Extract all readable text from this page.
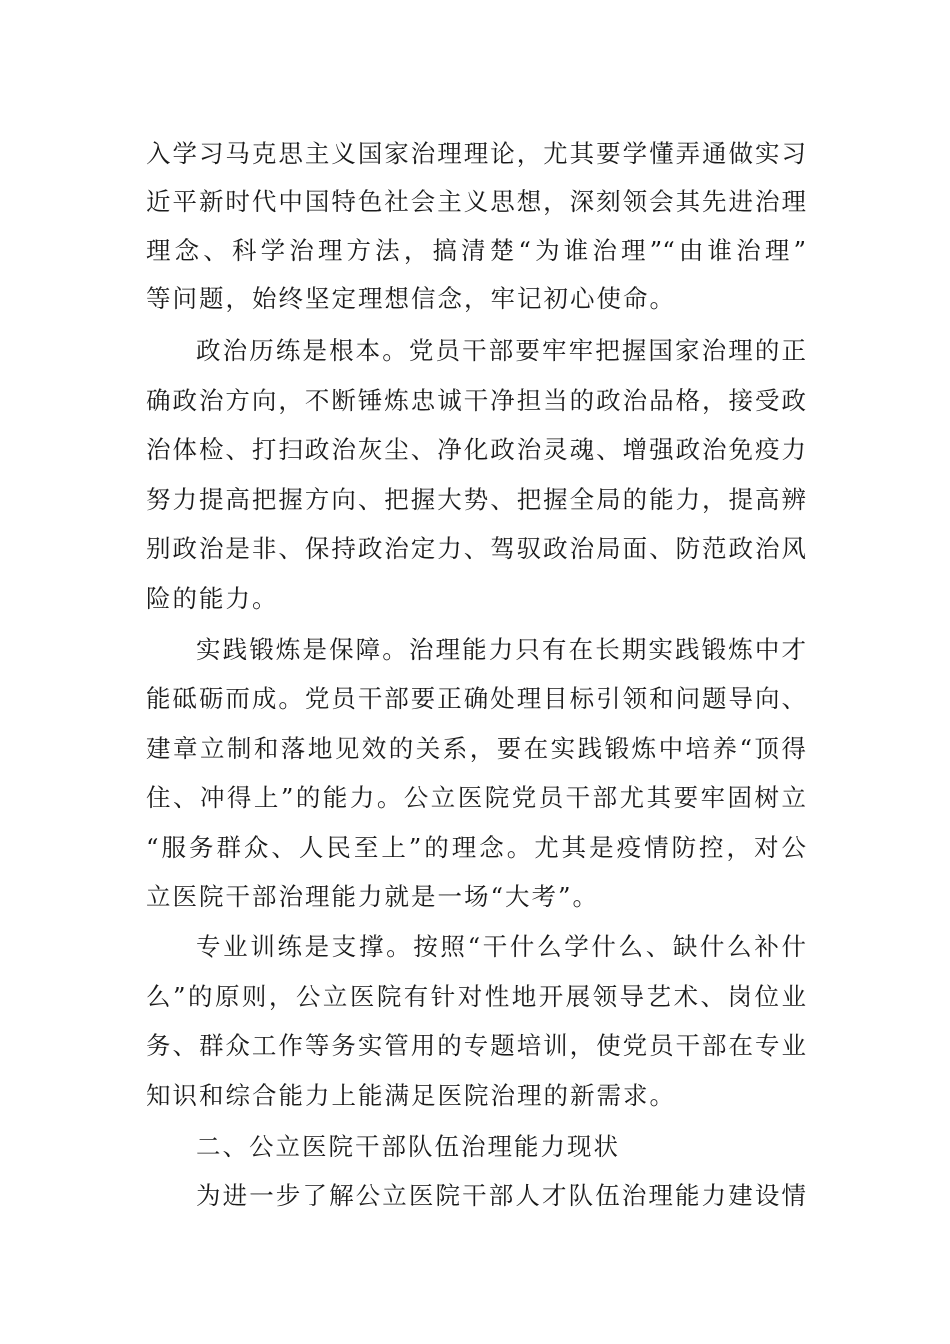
入学习马克思主义国家治理理论，尤其要学懂弄通做实习
近平新时代中国特色社会主义思想，深刻领会其先进治理
理念、科学治理方法，搞清楚“为谁治理”“由谁治理”
等问题，始终坚定理想信念，牢记初心使命。
政治历练是根本。党员干部要牢牢把握国家治理的正
确政治方向，不断锤炼忠诚干净担当的政治品格，接受政
治体检、打扫政治灰尘、净化政治灵魂、增强政治免疫力
努力提高把握方向、把握大势、把握全局的能力，提高辨
别政治是非、保持政治定力、驾驭政治局面、防范政治风
险的能力。
实践锻炼是保障。治理能力只有在长期实践锻炼中才
能砥砺而成。党员干部要正确处理目标引领和问题导向、
建章立制和落地见效的关系，要在实践锻炼中培养“顶得
住、冲得上”的能力。公立医院党员干部尤其要牢固树立
“服务群众、人民至上”的理念。尤其是疫情防控，对公
立医院干部治理能力就是一场“大考”。
专业训练是支撑。按照“干什么学什么、缺什么补什
么”的原则，公立医院有针对性地开展领导艺术、岗位业
务、群众工作等务实管用的专题培训，使党员干部在专业
知识和综合能力上能满足医院治理的新需求。
二、公立医院干部队伍治理能力现状
为进一步了解公立医院干部人才队伍治理能力建设情
